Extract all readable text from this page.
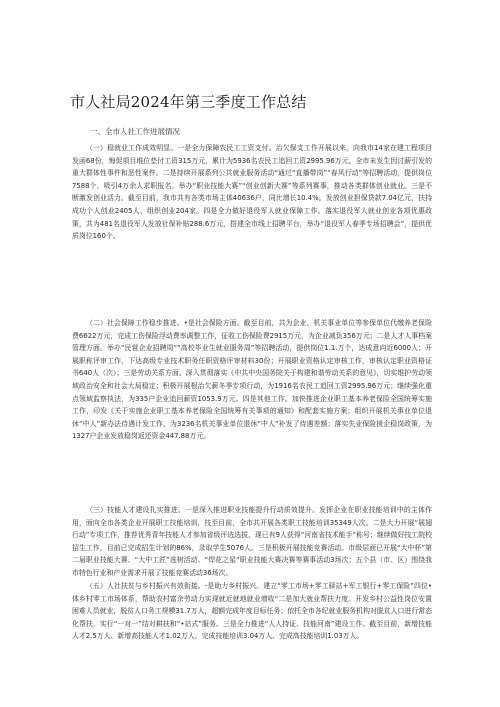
市人社局2024年第三季度工作总结
一、全市人社工作进展情况

（一）稳就业工作成效明显。一是全力保障农民工工资支付。治欠保支工作开展以来，向我市14家在建工程项目发函68份，悔促项目堆位垫付工资315万元，累计为5936名农民工追回工资2995.96万元，全市未发生因讨薪引发的重大群体性事件和恶性案件。二是持续开展系列公共就业服务活动“通过“直播带岗”“春风行动”等招聘活动，提供岗位7588个，吸引4万余人求职报名。举办“职业技能大赛”“创业创新大赛”等系列赛事，推动各类群体创业就业。三是不断激发创业活力。截至目前，我市共有各类市场主体40636户，同比增长10.4%。发放创业担保贷款7.04亿元，扶持成功个人创业2405人、组织创业204家。四是全力做好退役军人就业保障工作。落实退役军人就业创业各项优惠政策，共为481名退役军人发放社保补贴288.6万元，搭建全市线上招聘平台，举办“退役军人春季专场招聘会”，提供优质岗位160个。

（二）社会保障工作稳步推进。•是社会保险方面。截至目前，共为企业、机关事业单位等参保单位代缴养老保险费6622万元，完成工伤保险浮动费率调整工作，征收工伤保险费2915万元，为企业减负356万元；二是人才人事档案管理方面。举办“民营企业招聘周”“高校毕业生就业服务周”等招聘活动，提供岗位1.1.万个，达成意向近6000人；开展职称评审工作，下达高级专业技术职务任职资格评审材料30份；开展职业资格认定审核工作，审核认定职业资格证书640人（次）；三是劳动关系方面。深入贯彻落实《中共中央国务院关于构建和谐劳动关系的意见》，切实维护劳动领域政治安全和社会大局稳定；积极开展根治欠薪冬季专项行动，为1916名农民工追回工资2995.96万元；继续强化重点领域监察执法，为335户企业追回薪资1053.9万元。四是其他工作。加快推进企业职工基本养老保险全国统筹实施工作，印发《关于实施企业职工基本养老保险全国统筹有关事项的通知》和配套实施方案；组织开展机关事业单位退休“中人”新办法待遇计发工作，为3236名机关事业单位退休“中人”补发了待遇差额；落实失业保险援企稳岗政策，为1327户企业发放稳岗返还资金447.88万元。

（三）技能人才建设扎实推进。一是深入推进职业技能提升行动质效提升。发挥企业在职业技能培训中的主体作用，面向全市各类企业开展职工技能培训，技至目前，全市共开展各类职工技能培训35349人次。二是大力开展“展翅行动”专项工作，推荐优秀青年技能人才参加省级评选选拔，现已有9人获得“河南省技术能手”称号；继续做好技工院校招生工作，目前已完成招生计划的86%，录取学生5076人。三是积极开展技能竞赛活动。市级层面已开展“大中杯”第二届职业技能大赛、“大中工匠”选树活动、“焊花之星”职业技能大赛决赛等赛事活动3场次；五个县（市、区）围绕我市特色行业和产业需求开展了技能竞赛活动36场次。

（五）人社扶贫与乡村振兴有效衔接。-是助力乡村振兴。建立“零工市场+零工驿站+军工银行+零工保险”四位•体乡村零工市场体系，帮助农村富余劳动力实现就近就地就业增收“二是加大就业帮扶力度。开发乡村公益性岗位安置困难人员就业，脱贫人口务工规模31.7万人，超额完成年度目标任务；依托全市各纪就业服务机构对脱贫人口进行常态化帮扶，实行“一对一”结对耕扶和“•站式”服务。三是全力推进“人人持证、技能河南”建设工作。截至目前，新增技能人才2.5万人、新增高技能人才1.02万人，完成技能培训3.04万人、完成高技能培训1.03万人。
